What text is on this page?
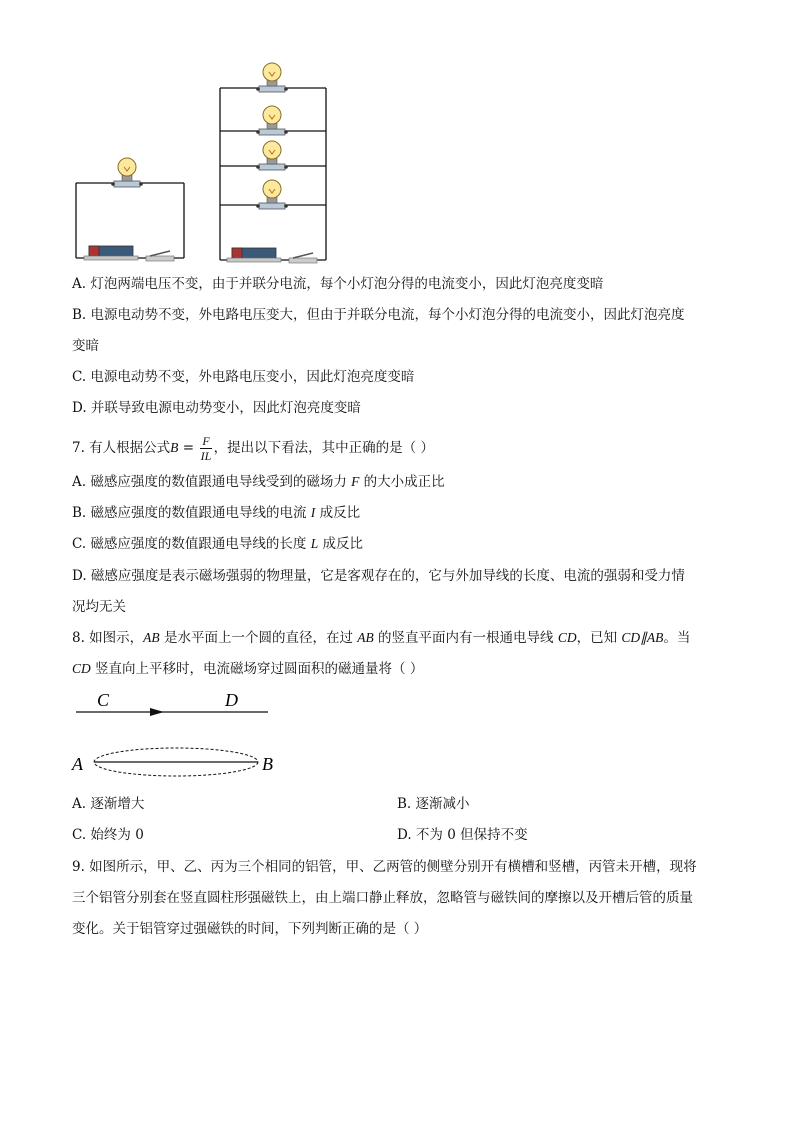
A. 灯泡两端电压不变，由于并联分电流，每个小灯泡分得的电流变小，因此灯泡亮度变暗
B. 电源电动势不变，外电路电压变大，但由于并联分电流，每个小灯泡分得的电流变小，因此灯泡亮度
变暗
C. 电源电动势不变，外电路电压变小，因此灯泡亮度变暗
D. 并联导致电源电动势变小，因此灯泡亮度变暗
7. 有人根据公式$B = \frac{F}{IL}$ ，提出以下看法，其中正确的是（ ）
A. 磁感应强度的数值跟通电导线受到的磁场力 F 的大小成正比
B. 磁感应强度的数值跟通电导线的电流 I 成反比
C. 磁感应强度的数值跟通电导线的长度 L 成反比
D. 磁感应强度是表示磁场强弱的物理量，它是客观存在的，它与外加导线的长度、电流的强弱和受力情
况均无关
8. 如图示，AB 是水平面上一个圆的直径，在过 AB 的竖直平面内有一根通电导线 CD，已知 CD∥AB。当
CD 竖直向上平移时，电流磁场穿过圆面积的磁通量将（ ）
C	D
A	B
A. 逐渐增大	B. 逐渐减小
C. 始终为 0	D. 不为 0 但保持不变
9. 如图所示，甲、乙、丙为三个相同的铝管，甲、乙两管的侧壁分别开有横槽和竖槽，丙管未开槽，现将
三个铝管分别套在竖直圆柱形强磁铁上，由上端口静止释放，忽略管与磁铁间的摩擦以及开槽后管的质量
变化。关于铝管穿过强磁铁的时间，下列判断正确的是（ ）
